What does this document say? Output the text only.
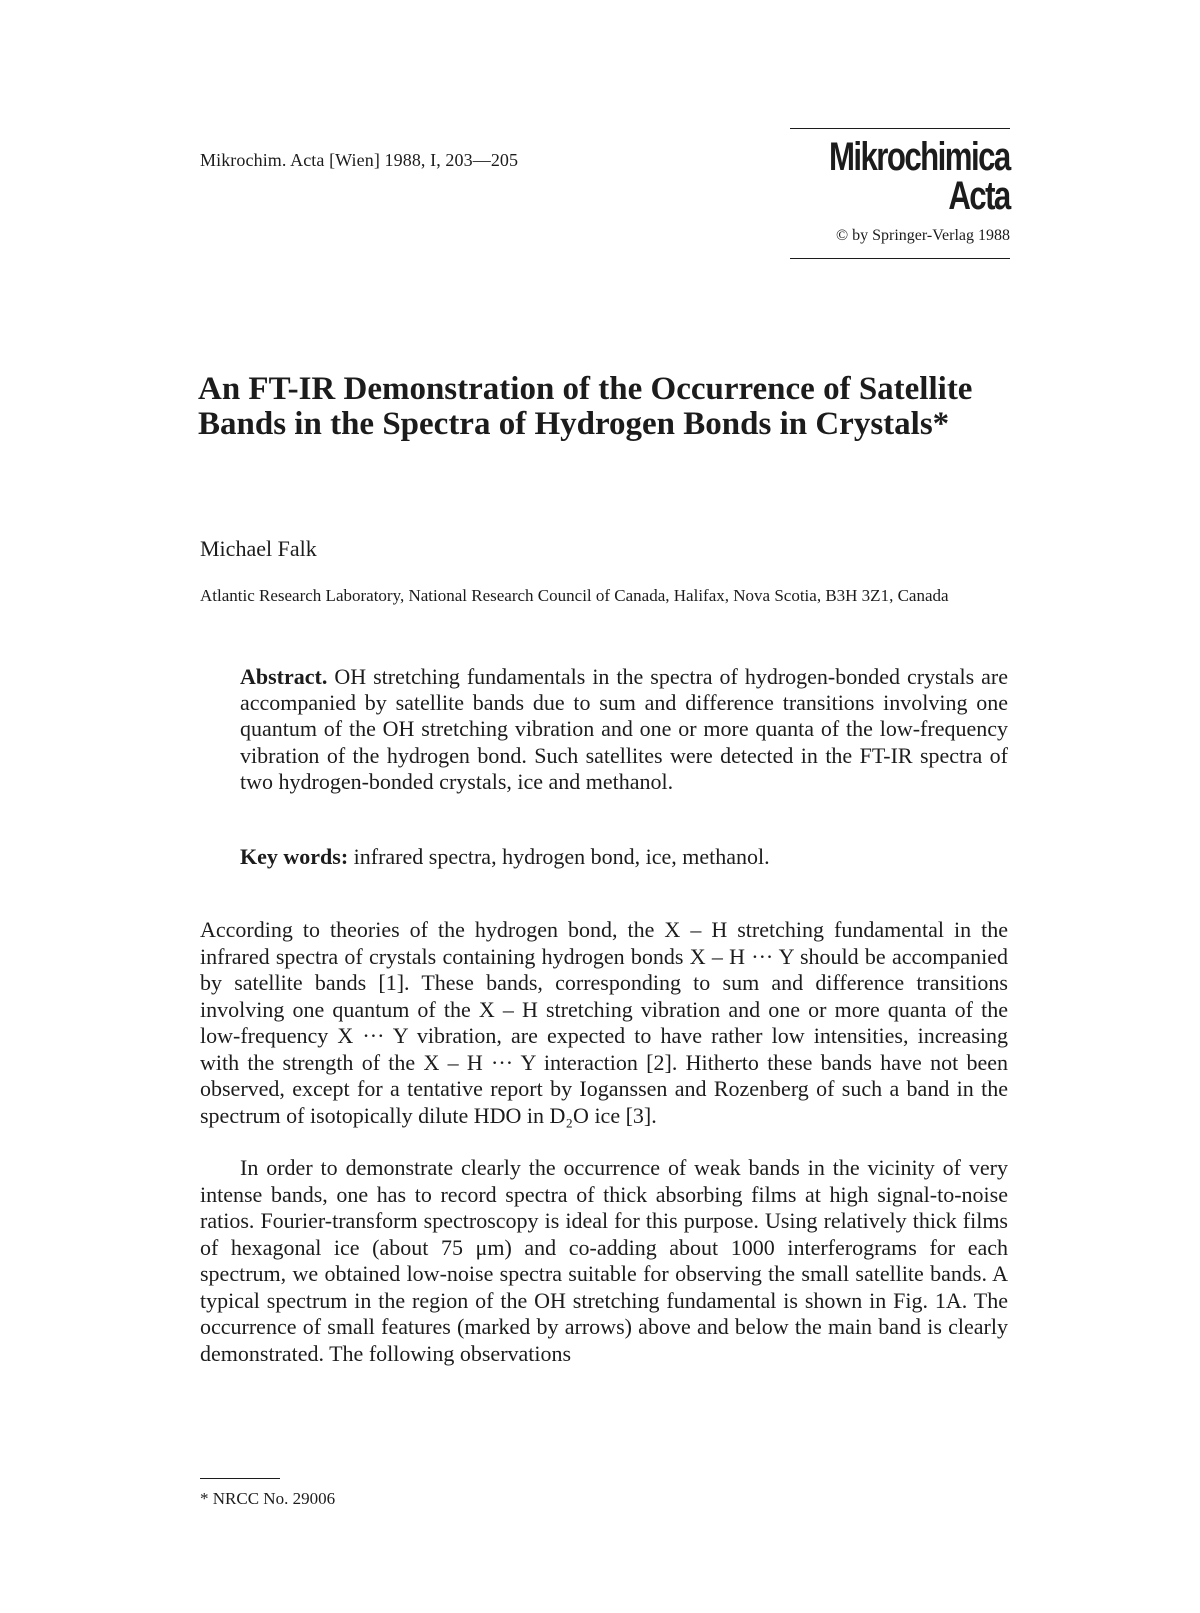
Mikrochim. Acta [Wien] 1988, I, 203—205	Mikrochimica
Acta
© by Springer-Verlag 1988
An FT-IR Demonstration of the Occurrence of Satellite Bands in the Spectra of Hydrogen Bonds in Crystals*
Michael Falk
Atlantic Research Laboratory, National Research Council of Canada, Halifax, Nova Scotia, B3H 3Z1, Canada
Abstract. OH stretching fundamentals in the spectra of hydrogen-bonded crystals are accompanied by satellite bands due to sum and difference transitions involving one quantum of the OH stretching vibration and one or more quanta of the low-frequency vibration of the hydrogen bond. Such satellites were detected in the FT-IR spectra of two hydrogen-bonded crystals, ice and methanol.
Key words: infrared spectra, hydrogen bond, ice, methanol.

According to theories of the hydrogen bond, the X – H stretching fundamental in the infrared spectra of crystals containing hydrogen bonds X – H ··· Y should be accompanied by satellite bands [1]. These bands, corresponding to sum and difference transitions involving one quantum of the X – H stretching vibration and one or more quanta of the low-frequency X ··· Y vibration, are expected to have rather low intensities, increasing with the strength of the X – H ··· Y interaction [2]. Hitherto these bands have not been observed, except for a tentative report by Ioganssen and Rozenberg of such a band in the spectrum of isotopically dilute HDO in D₂O ice [3].

In order to demonstrate clearly the occurrence of weak bands in the vicinity of very intense bands, one has to record spectra of thick absorbing films at high signal-to-noise ratios. Fourier-transform spectroscopy is ideal for this purpose. Using relatively thick films of hexagonal ice (about 75 μm) and co-adding about 1000 interferograms for each spectrum, we obtained low-noise spectra suitable for observing the small satellite bands. A typical spectrum in the region of the OH stretching fundamental is shown in Fig. 1A. The occurrence of small features (marked by arrows) above and below the main band is clearly demonstrated. The following observations

* NRCC No. 29006
